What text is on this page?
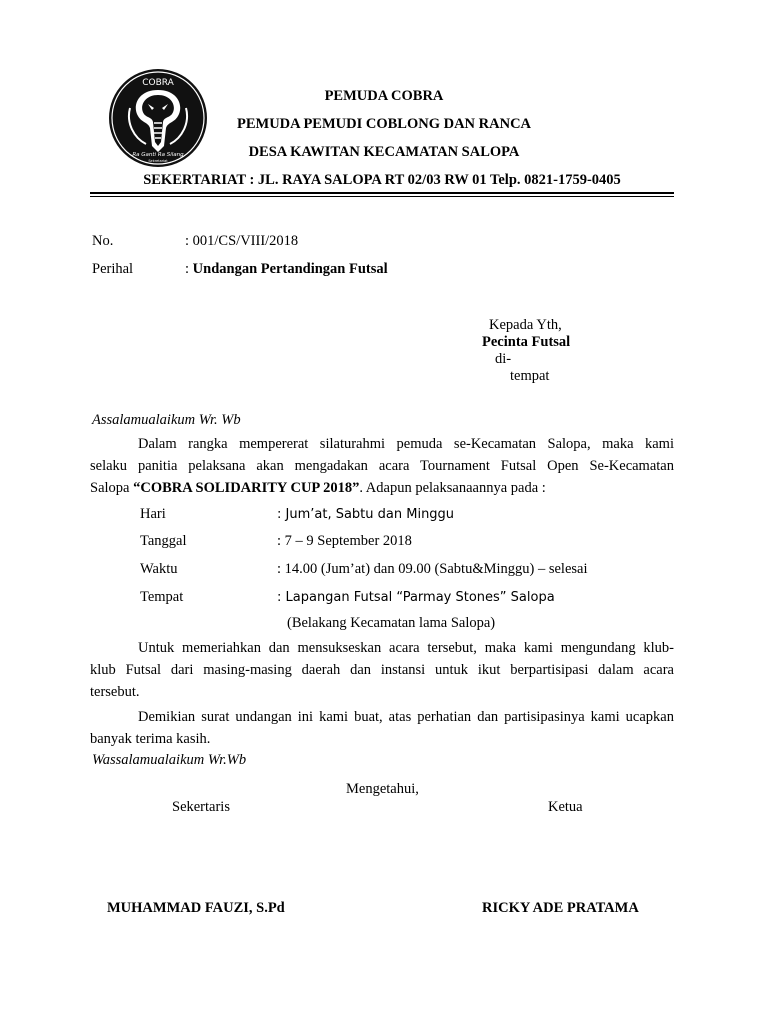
COBRA
Ra Ganti Ra Silang
Sekretariat
PEMUDA COBRA
PEMUDA PEMUDI COBLONG DAN RANCA
DESA KAWITAN KECAMATAN SALOPA
SEKERTARIAT : JL. RAYA SALOPA RT 02/03 RW 01 Telp. 0821-1759-0405
No.	: 001/CS/VIII/2018
Perihal	: Undangan Pertandingan Futsal
Kepada Yth,
Pecinta Futsal
di-
tempat
Assalamualaikum Wr. Wb
Dalam rangka mempererat silaturahmi pemuda se-Kecamatan Salopa, maka kami
selaku panitia pelaksana akan mengadakan acara Tournament Futsal Open Se-Kecamatan
Salopa “COBRA SOLIDARITY CUP 2018”. Adapun pelaksanaannya pada :
Hari	: Jum’at, Sabtu dan Minggu
Tanggal	: 7 – 9 September 2018
Waktu	: 14.00 (Jum’at) dan 09.00 (Sabtu&Minggu) – selesai
Tempat	: Lapangan Futsal “Parmay Stones” Salopa
(Belakang Kecamatan lama Salopa)
Untuk memeriahkan dan mensukseskan acara tersebut, maka kami mengundang klub-
klub Futsal dari masing-masing daerah dan instansi untuk ikut berpartisipasi dalam acara
tersebut.
Demikian surat undangan ini kami buat, atas perhatian dan partisipasinya kami ucapkan
banyak terima kasih.
Wassalamualaikum Wr.Wb
Mengetahui,
Sekertaris	Ketua
MUHAMMAD FAUZI, S.Pd	RICKY ADE PRATAMA
